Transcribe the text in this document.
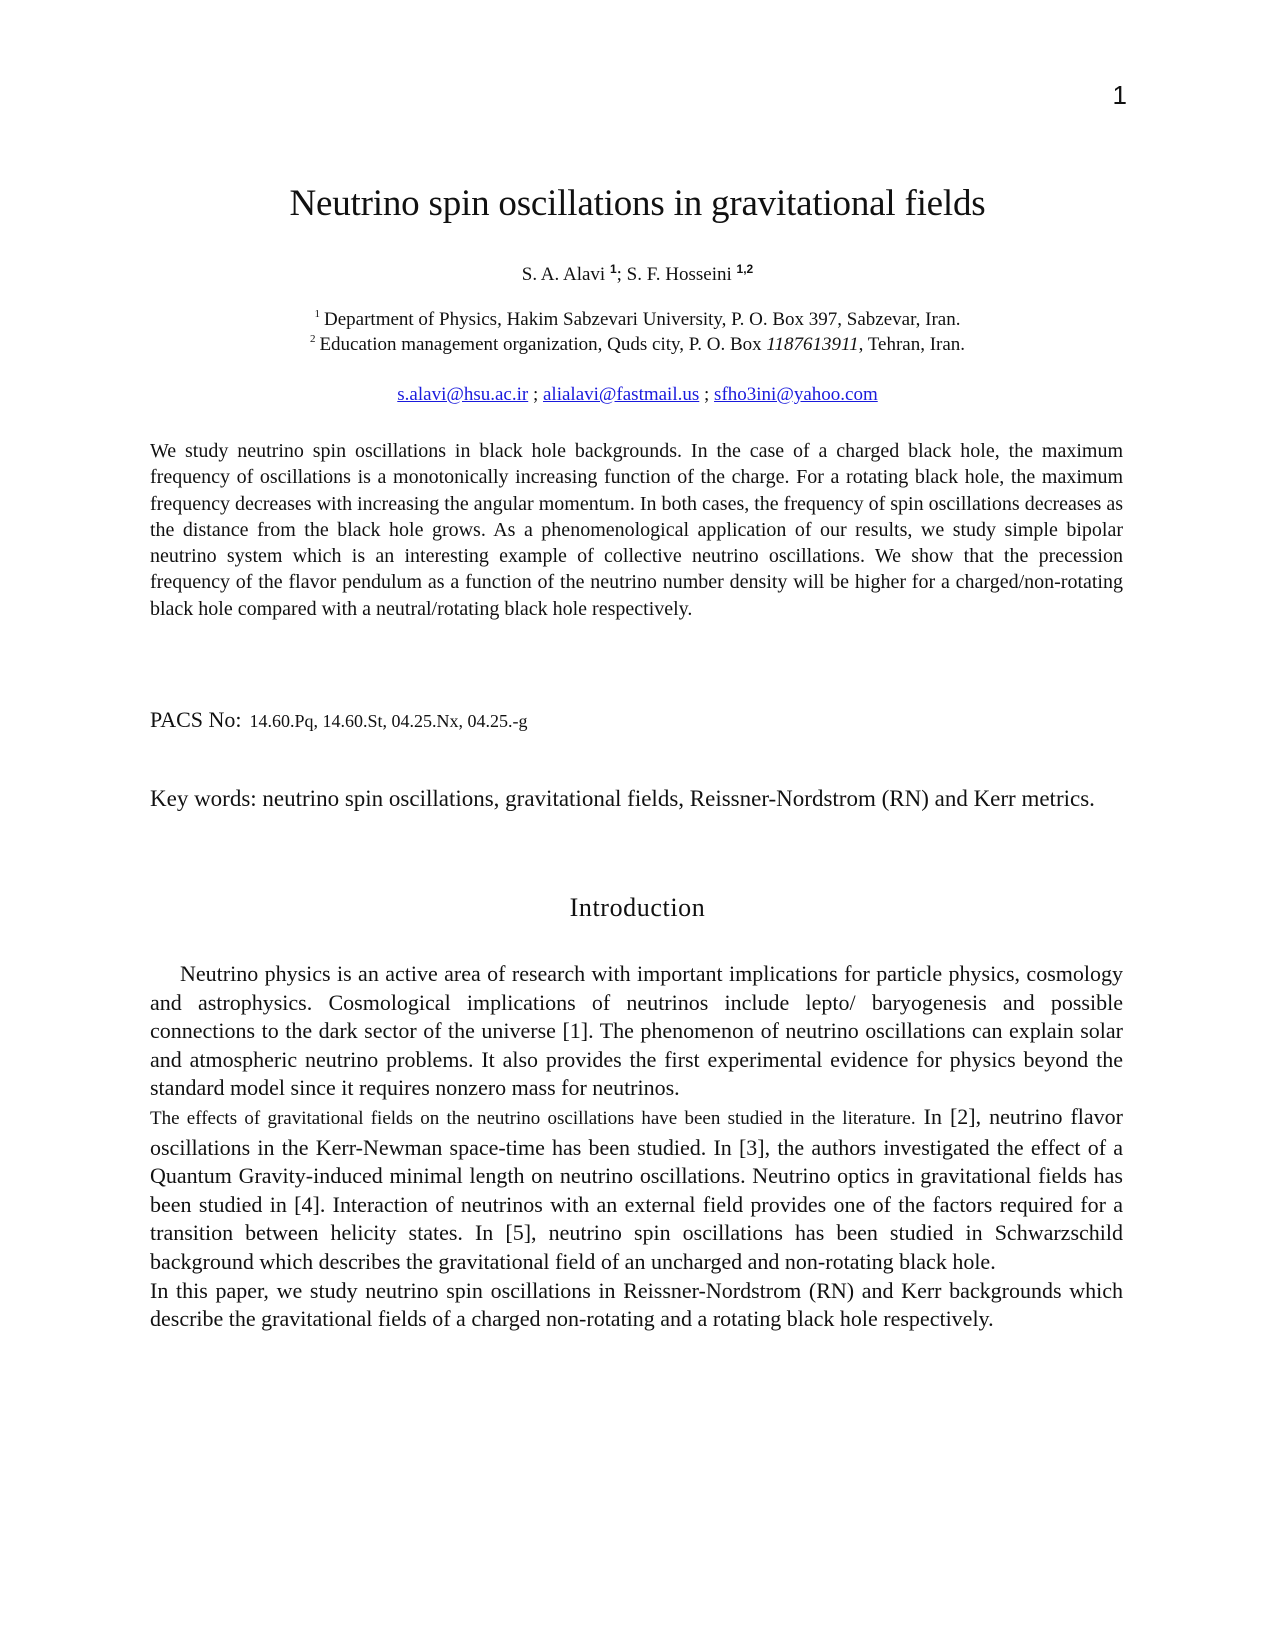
1
Neutrino spin oscillations in gravitational fields
S. A. Alavi $^1$; S. F. Hosseini $^{1,2}$
$^1$ Department of Physics, Hakim Sabzevari University, P. O. Box 397, Sabzevar, Iran.
$^2$ Education management organization, Quds city, P. O. Box 1187613911, Tehran, Iran.
s.alavi@hsu.ac.ir ; alialavi@fastmail.us ; sfho3ini@yahoo.com
We study neutrino spin oscillations in black hole backgrounds. In the case of a charged black hole, the maximum frequency of oscillations is a monotonically increasing function of the charge. For a rotating black hole, the maximum frequency decreases with increasing the angular momentum. In both cases, the frequency of spin oscillations decreases as the distance from the black hole grows. As a phenomenological application of our results, we study simple bipolar neutrino system which is an interesting example of collective neutrino oscillations. We show that the precession frequency of the flavor pendulum as a function of the neutrino number density will be higher for a charged/non-rotating black hole compared with a neutral/rotating black hole respectively.
PACS No: 14.60.Pq, 14.60.St, 04.25.Nx, 04.25.-g
Key words: neutrino spin oscillations, gravitational fields, Reissner-Nordstrom (RN) and Kerr metrics.
Introduction

Neutrino physics is an active area of research with important implications for particle physics, cosmology and astrophysics. Cosmological implications of neutrinos include lepto/ baryogenesis and possible connections to the dark sector of the universe [1]. The phenomenon of neutrino oscillations can explain solar and atmospheric neutrino problems. It also provides the first experimental evidence for physics beyond the standard model since it requires nonzero mass for neutrinos.

The effects of gravitational fields on the neutrino oscillations have been studied in the literature. In [2], neutrino flavor oscillations in the Kerr-Newman space-time has been studied. In [3], the authors investigated the effect of a Quantum Gravity-induced minimal length on neutrino oscillations. Neutrino optics in gravitational fields has been studied in [4]. Interaction of neutrinos with an external field provides one of the factors required for a transition between helicity states. In [5], neutrino spin oscillations has been studied in Schwarzschild background which describes the gravitational field of an uncharged and non-rotating black hole.

In this paper, we study neutrino spin oscillations in Reissner-Nordstrom (RN) and Kerr backgrounds which describe the gravitational fields of a charged non-rotating and a rotating black hole respectively.
